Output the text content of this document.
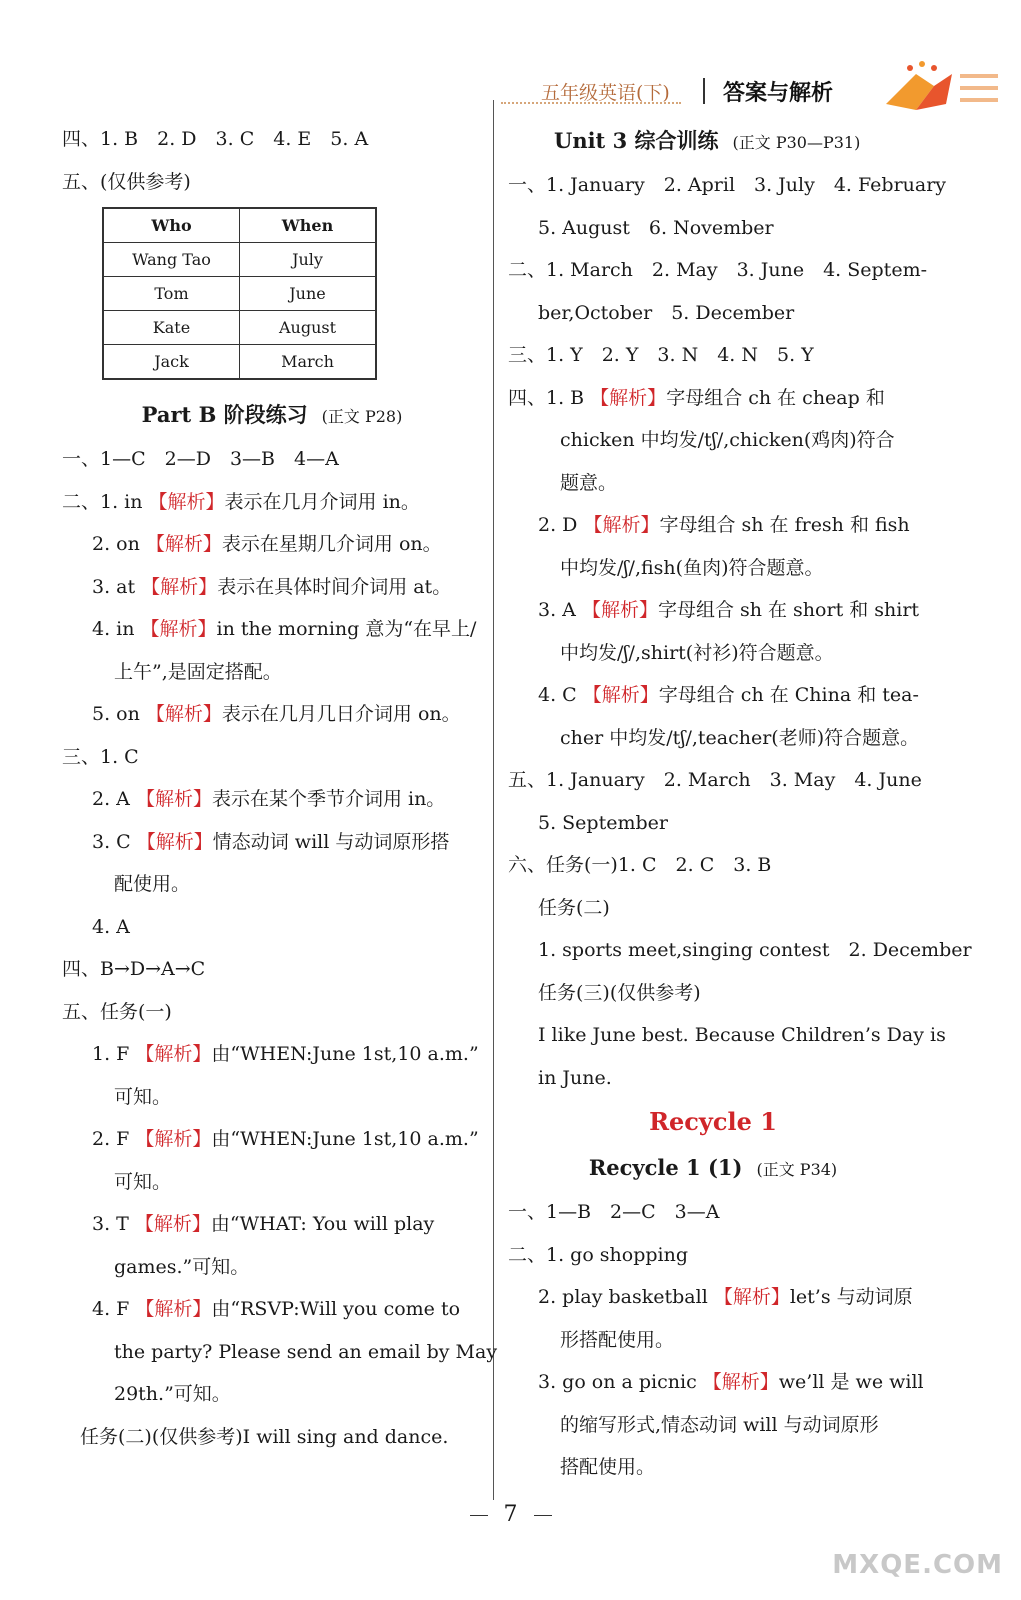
五年级英语(下) 答案与解析
四、1. B　2. D　3. C　4. E　5. A
五、(仅供参考)
Who	When
Wang Tao	July
Tom	June
Kate	August
Jack	March
Part B 阶段练习 (正文 P28)
一、1—C　2—D　3—B　4—A
二、1. in 【解析】表示在几月介词用 in。
2. on 【解析】表示在星期几介词用 on。
3. at 【解析】表示在具体时间介词用 at。
4. in 【解析】in the morning 意为“在早上/
上午”,是固定搭配。
5. on 【解析】表示在几月几日介词用 on。
三、1. C
2. A 【解析】表示在某个季节介词用 in。
3. C 【解析】情态动词 will 与动词原形搭
配使用。
4. A
四、B→D→A→C
五、任务(一)
1. F 【解析】由“WHEN:June 1st,10 a.m.”
可知。
2. F 【解析】由“WHEN:June 1st,10 a.m.”
可知。
3. T 【解析】由“WHAT: You will play
games.”可知。
4. F 【解析】由“RSVP:Will you come to
the party? Please send an email by May
29th.”可知。
任务(二)(仅供参考)I will sing and dance.
Unit 3 综合训练 (正文 P30—P31)
一、1. January　2. April　3. July　4. February
5. August　6. November
二、1. March　2. May　3. June　4. Septem-
ber,October　5. December
三、1. Y　2. Y　3. N　4. N　5. Y
四、1. B 【解析】字母组合 ch 在 cheap 和
chicken 中均发/tʃ/,chicken(鸡肉)符合
题意。
2. D 【解析】字母组合 sh 在 fresh 和 fish
中均发/ʃ/,fish(鱼肉)符合题意。
3. A 【解析】字母组合 sh 在 short 和 shirt
中均发/ʃ/,shirt(衬衫)符合题意。
4. C 【解析】字母组合 ch 在 China 和 tea-
cher 中均发/tʃ/,teacher(老师)符合题意。
五、1. January　2. March　3. May　4. June
5. September
六、任务(一)1. C　2. C　3. B
任务(二)
1. sports meet,singing contest　2. December
任务(三)(仅供参考)
I like June best. Because Children’s Day is
in June.
Recycle 1
Recycle 1 (1) (正文 P34)
一、1—B　2—C　3—A
二、1. go shopping
2. play basketball 【解析】let’s 与动词原
形搭配使用。
3. go on a picnic 【解析】we’ll 是 we will
的缩写形式,情态动词 will 与动词原形
搭配使用。
7
MXQE.COM
